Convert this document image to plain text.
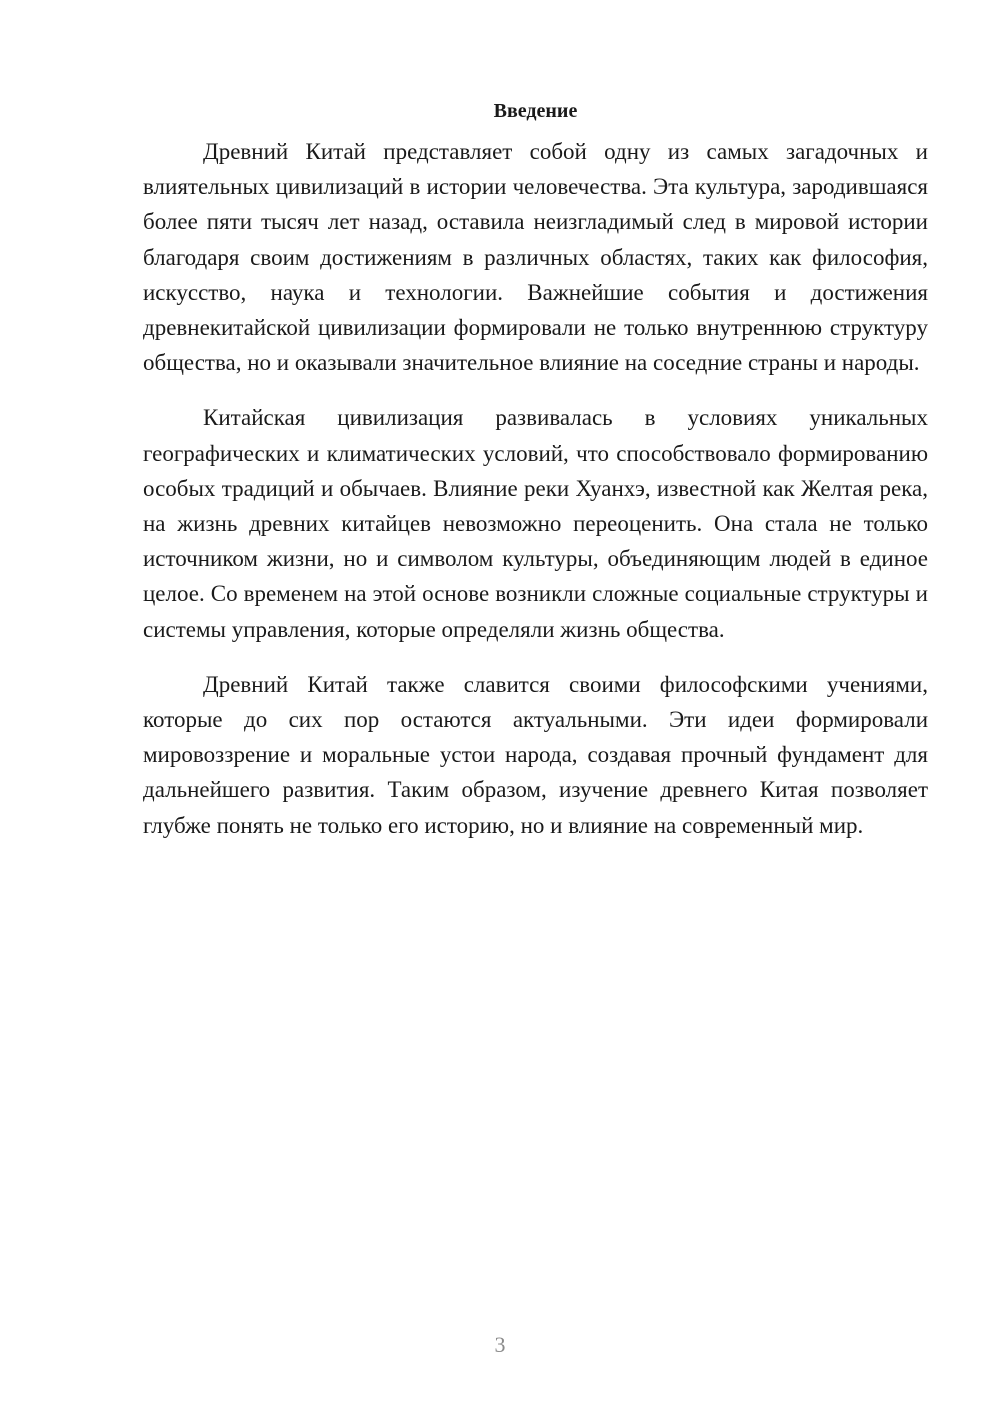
Введение

Древний Китай представляет собой одну из самых загадочных и влиятельных цивилизаций в истории человечества. Эта культура, зародившаяся более пяти тысяч лет назад, оставила неизгладимый след в мировой истории благодаря своим достижениям в различных областях, таких как философия, искусство, наука и технологии. Важнейшие события и достижения древнекитайской цивилизации формировали не только внутреннюю структуру общества, но и оказывали значительное влияние на соседние страны и народы.

Китайская цивилизация развивалась в условиях уникальных географических и климатических условий, что способствовало формированию особых традиций и обычаев. Влияние реки Хуанхэ, известной как Желтая река, на жизнь древних китайцев невозможно переоценить. Она стала не только источником жизни, но и символом культуры, объединяющим людей в единое целое. Со временем на этой основе возникли сложные социальные структуры и системы управления, которые определяли жизнь общества.

Древний Китай также славится своими философскими учениями, которые до сих пор остаются актуальными. Эти идеи формировали мировоззрение и моральные устои народа, создавая прочный фундамент для дальнейшего развития. Таким образом, изучение древнего Китая позволяет глубже понять не только его историю, но и влияние на современный мир.

3
